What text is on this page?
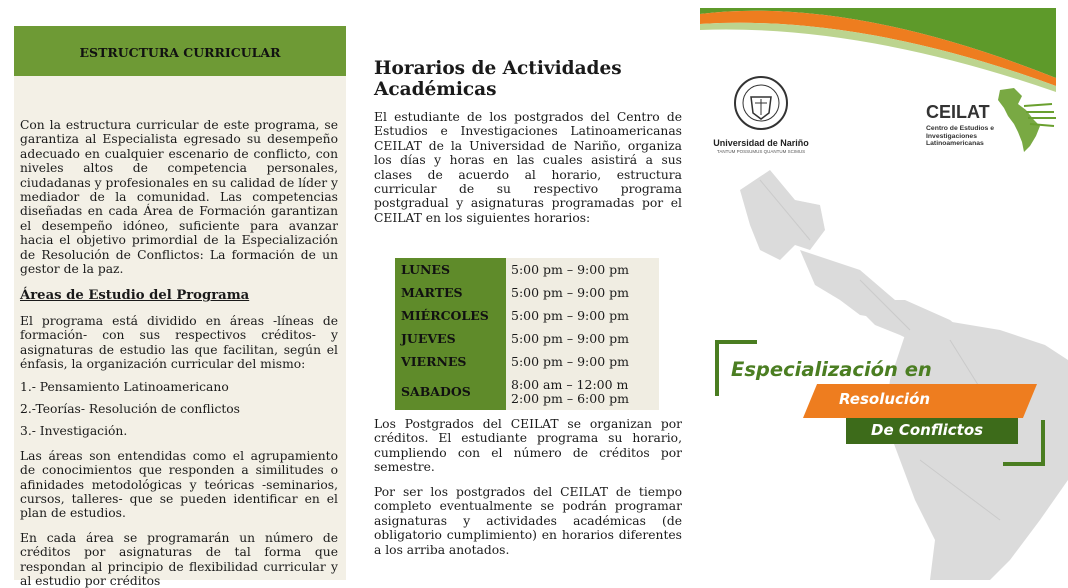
ESTRUCTURA CURRICULAR

Con la estructura curricular de este programa, se garantiza al Especialista egresado su desempeño adecuado en cualquier escenario de conflicto, con niveles altos de competencia personales, ciudadanas y profesionales en su calidad de líder y mediador de la comunidad. Las competencias diseñadas en cada Área de Formación garantizan el desempeño idóneo, suficiente para avanzar hacia el objetivo primordial de la Especialización de Resolución de Conflictos: La formación de un gestor de la paz.

Áreas de Estudio del Programa

El programa está dividido en áreas -líneas de formación- con sus respectivos créditos- y asignaturas de estudio las que facilitan, según el énfasis, la organización curricular del mismo:

1.- Pensamiento Latinoamericano

2.-Teorías- Resolución de conflictos

3.- Investigación.

Las áreas son entendidas como el agrupamiento de conocimientos que responden a similitudes o afinidades metodológicas y teóricas -seminarios, cursos, talleres- que se pueden identificar en el plan de estudios.

En cada área se programarán un número de créditos por asignaturas de tal forma que respondan al principio de flexibilidad curricular y al estudio por créditos

Horarios de Actividades Académicas

El estudiante de los postgrados del Centro de Estudios e Investigaciones Latinoamericanas CEILAT de la Universidad de Nariño, organiza los días y horas en las cuales asistirá a sus clases de acuerdo al horario, estructura curricular de su respectivo programa postgradual y asignaturas programadas por el CEILAT en los siguientes horarios:

LUNES	5:00 pm – 9:00 pm
MARTES	5:00 pm – 9:00 pm
MIÉRCOLES	5:00 pm – 9:00 pm
JUEVES	5:00 pm – 9:00 pm
VIERNES	5:00 pm – 9:00 pm
SABADOS	8:00 am – 12:00 m
2:00 pm – 6:00 pm

Los Postgrados del CEILAT se organizan por créditos. El estudiante programa su horario, cumpliendo con el número de créditos por semestre.

Por ser los postgrados del CEILAT de tiempo completo eventualmente se podrán programar asignaturas y actividades académicas (de obligatorio cumplimiento) en horarios diferentes a los arriba anotados.

Universidad de Nariño
TANTUM POSSUMUS QUANTUM SCIMUS
CEILAT
Centro de Estudios e Investigaciones Latinoamericanas
Especialización en
Resolución
De Conflictos
